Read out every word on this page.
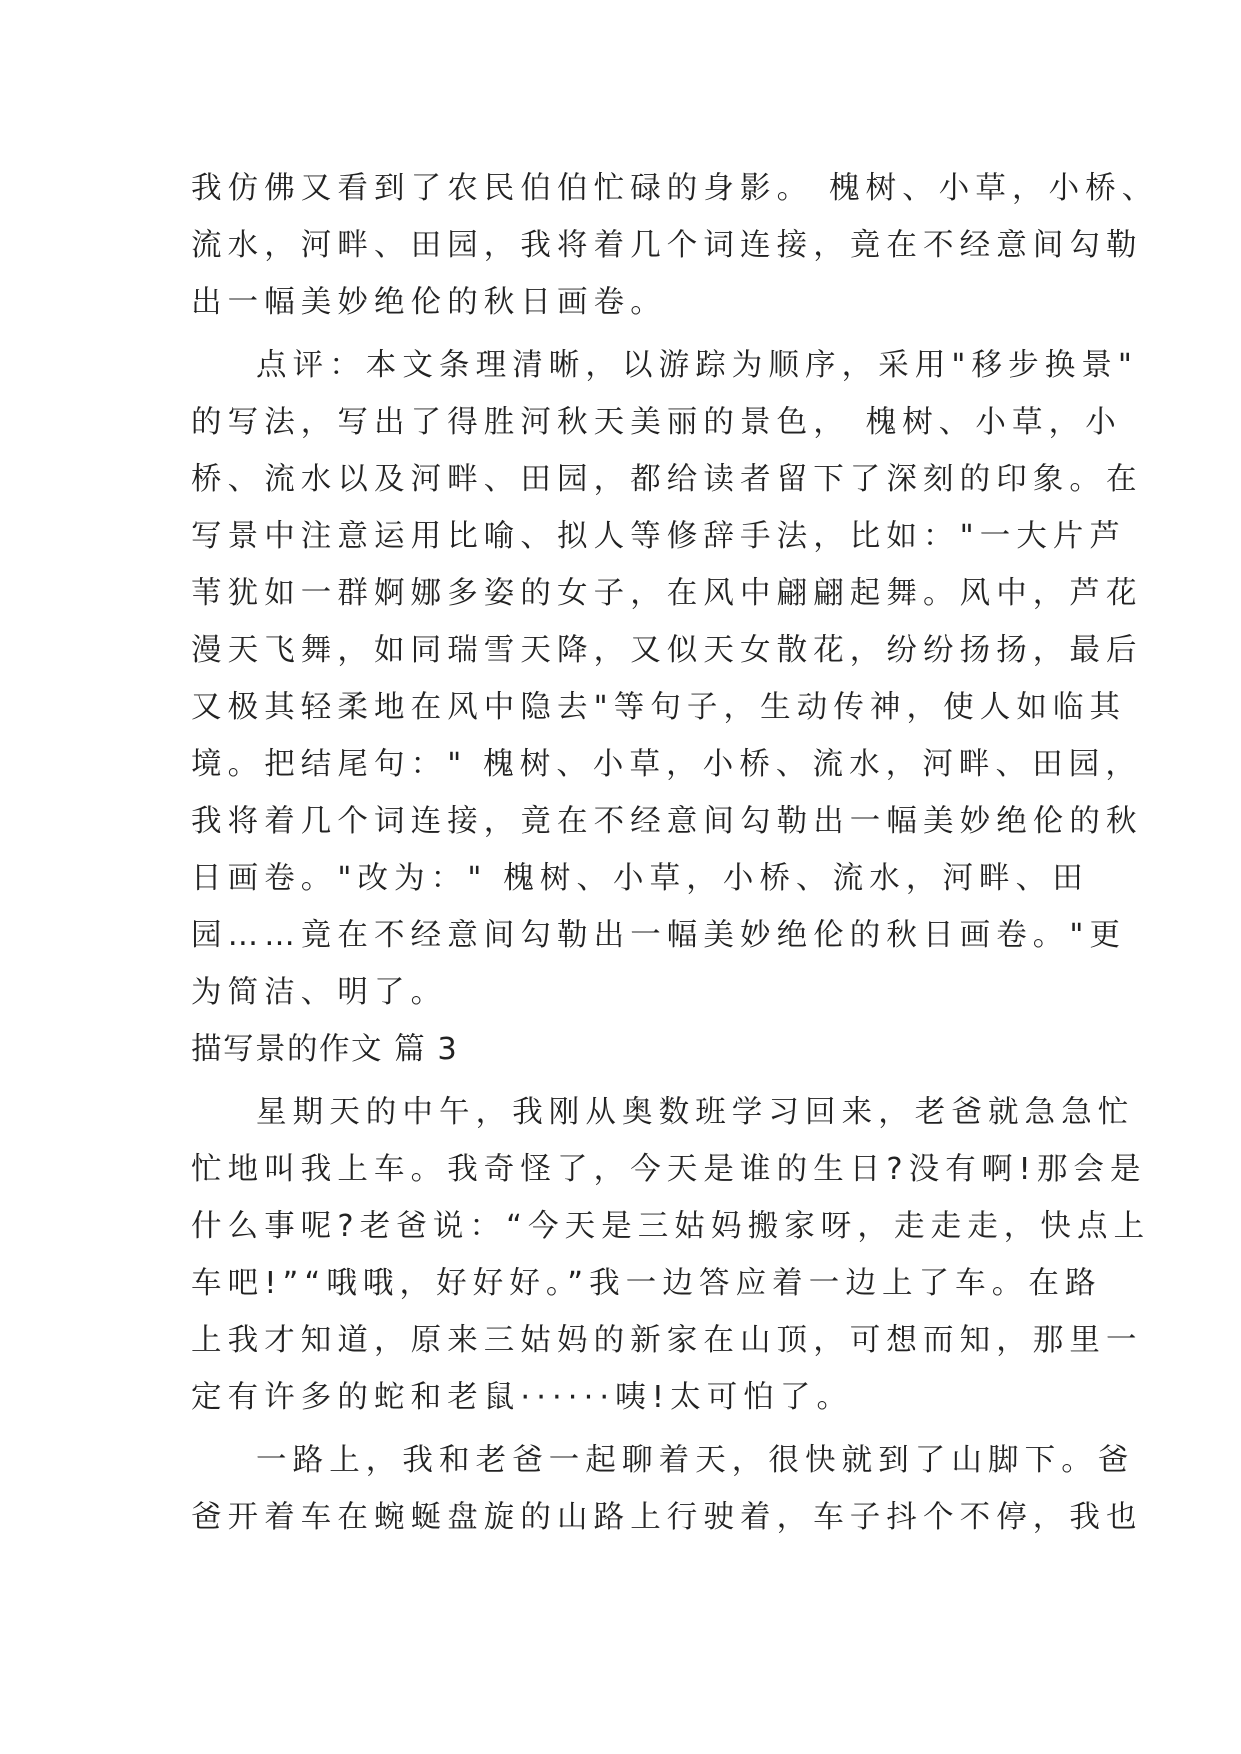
我仿佛又看到了农民伯伯忙碌的身影。 槐树、小草，小桥、
流水，河畔、田园，我将着几个词连接，竟在不经意间勾勒
出一幅美妙绝伦的秋日画卷。
点评：本文条理清晰，以游踪为顺序，采用"移步换景"
的写法，写出了得胜河秋天美丽的景色， 槐树、小草，小
桥、流水以及河畔、田园，都给读者留下了深刻的印象。在
写景中注意运用比喻、拟人等修辞手法，比如："一大片芦
苇犹如一群婀娜多姿的女子，在风中翩翩起舞。风中，芦花
漫天飞舞，如同瑞雪天降，又似天女散花，纷纷扬扬，最后
又极其轻柔地在风中隐去"等句子，生动传神，使人如临其
境。把结尾句：" 槐树、小草，小桥、流水，河畔、田园，
我将着几个词连接，竟在不经意间勾勒出一幅美妙绝伦的秋
日画卷。"改为：" 槐树、小草，小桥、流水，河畔、田
园……竟在不经意间勾勒出一幅美妙绝伦的秋日画卷。"更
为简洁、明了。
描写景的作文 篇 3
星期天的中午，我刚从奥数班学习回来，老爸就急急忙
忙地叫我上车。我奇怪了，今天是谁的生日?没有啊!那会是
什么事呢?老爸说：“今天是三姑妈搬家呀，走走走，快点上
车吧!”“哦哦，好好好。”我一边答应着一边上了车。在路
上我才知道，原来三姑妈的新家在山顶，可想而知，那里一
定有许多的蛇和老鼠······咦!太可怕了。
一路上，我和老爸一起聊着天，很快就到了山脚下。爸
爸开着车在蜿蜒盘旋的山路上行驶着，车子抖个不停，我也
